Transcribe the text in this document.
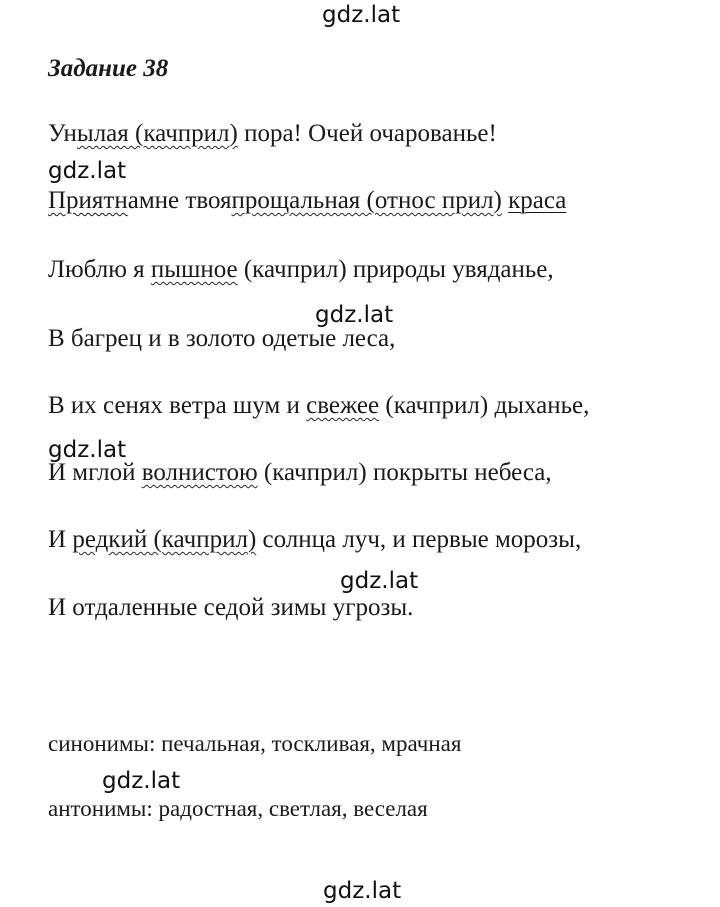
gdz.lat
gdz.lat
gdz.lat
gdz.lat
gdz.lat
gdz.lat
gdz.lat
Задание 38
Унылая (качприл) пора! Очей очарованье!
Приятнамне твояпрощальная (относ прил) краса
Люблю я пышное (качприл) природы увяданье,
В багрец и в золото одетые леса,
В их сенях ветра шум и свежее (качприл) дыханье,
И мглой волнистою (качприл) покрыты небеса,
И редкий (качприл) солнца луч, и первые морозы,
И отдаленные седой зимы угрозы.
синонимы: печальная, тоскливая, мрачная
антонимы: радостная, светлая, веселая
